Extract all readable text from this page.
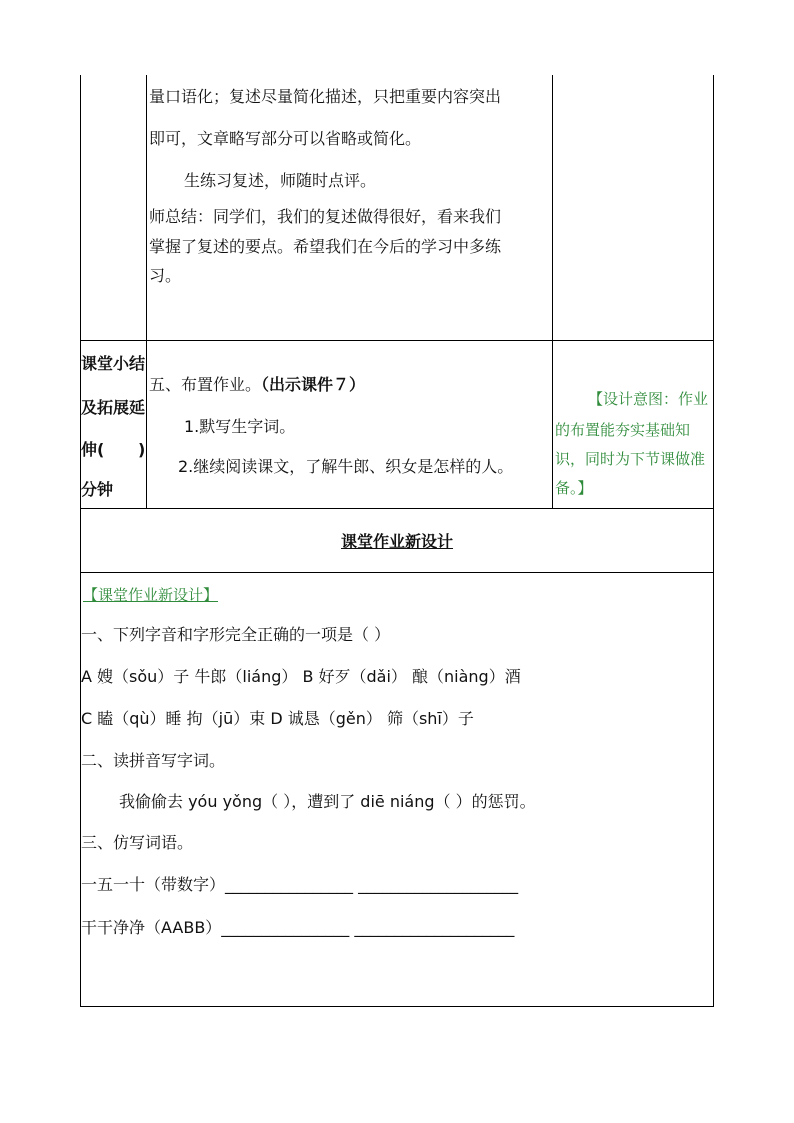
量口语化；复述尽量简化描述，只把重要内容突出
即可，文章略写部分可以省略或简化。
生练习复述，师随时点评。
师总结：同学们，我们的复述做得很好，看来我们
掌握了复述的要点。希望我们在今后的学习中多练
习。
课堂小结
及拓展延
伸( )
分钟
五、布置作业。（出示课件７）
1.默写生字词。
2.继续阅读课文，了解牛郎、织女是怎样的人。
【设计意图：作业
的布置能夯实基础知
识，同时为下节课做准
备。】
课堂作业新设计
【课堂作业新设计】
一、下列字音和字形完全正确的一项是（ ）
A 嫂（sǒu）子 牛郎（liáng） B 好歹（dǎi） 酿（niàng）酒
C 瞌（qù）睡 拘（jū）束 D 诚恳（gěn） 筛（shī）子
二、读拼音写字词。
我偷偷去 yóu yǒng（ ），遭到了 diē niáng（ ）的惩罚。
三、仿写词语。
一五一十（带数字）________________ ____________________
干干净净（AABB）________________ ____________________
